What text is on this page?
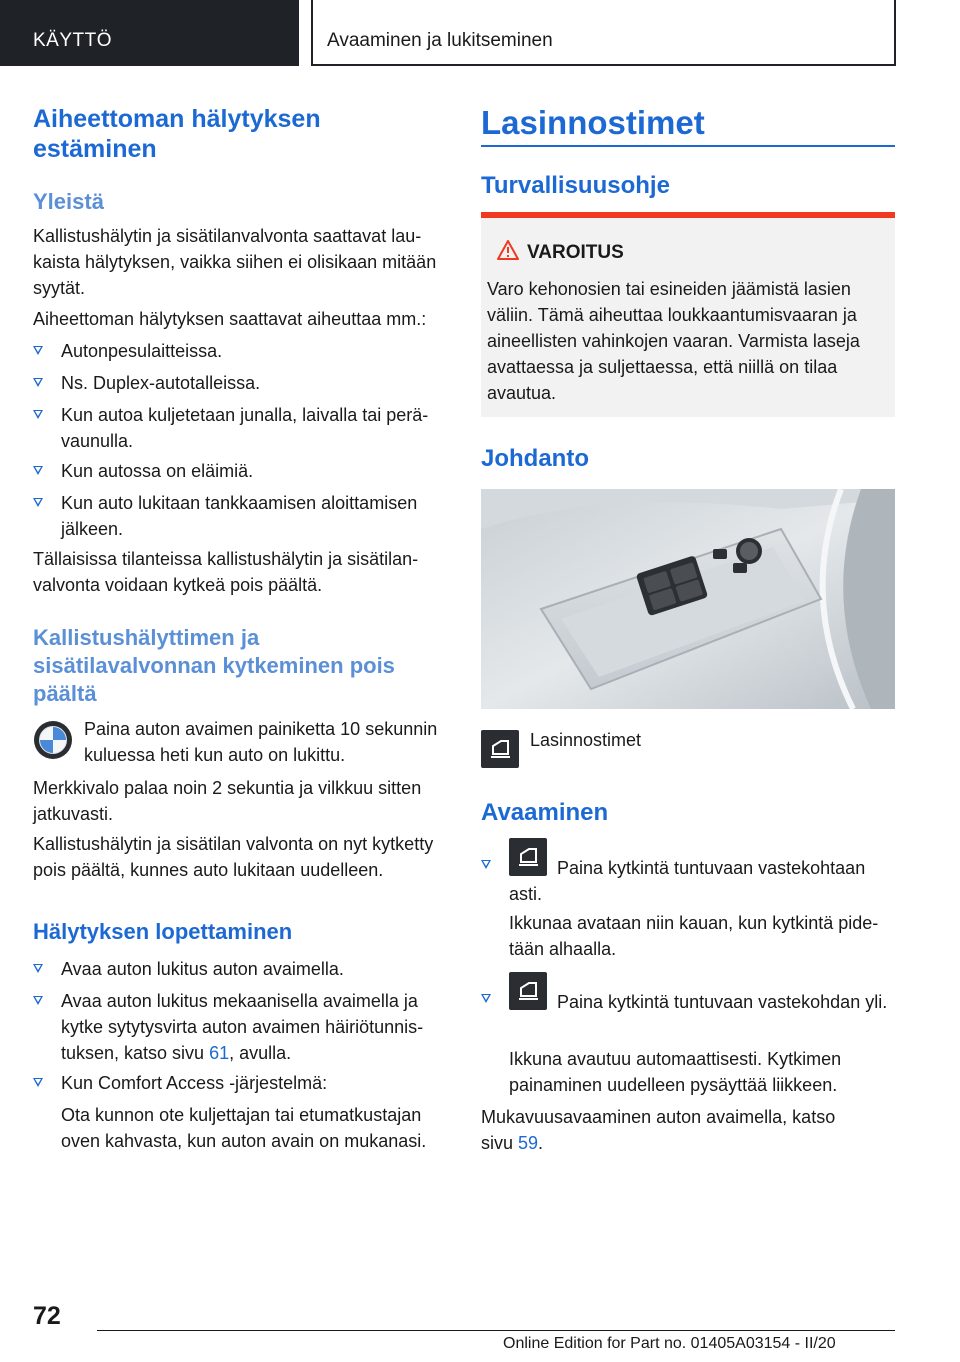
KÄYTTÖ	Avaaminen ja lukitseminen
Aiheettoman hälytyksen estäminen
Yleistä
Kallistushälytin ja sisätilanvalvonta saattavat laukaista hälytyksen, vaikka siihen ei olisikaan mitään syytät.
Aiheettoman hälytyksen saattavat aiheuttaa mm.:
Autonpesulaitteissa.
Ns. Duplex-autotalleissa.
Kun autoa kuljetetaan junalla, laivalla tai perävaunulla.
Kun autossa on eläimiä.
Kun auto lukitaan tankkaamisen aloittamisen jälkeen.
Tällaisissa tilanteissa kallistushälytin ja sisätilanvalvonta voidaan kytkeä pois päältä.
Kallistushälyttimen ja sisätilavalvonnan kytkeminen pois päältä
Paina auton avaimen painiketta 10 sekunnin kuluessa heti kun auto on lukittu.
Merkkivalo palaa noin 2 sekuntia ja vilkkuu sitten jatkuvasti.
Kallistushälytin ja sisätilan valvonta on nyt kytketty pois päältä, kunnes auto lukitaan uudelleen.
Hälytyksen lopettaminen
Avaa auton lukitus auton avaimella.
Avaa auton lukitus mekaanisella avaimella ja kytke sytytysvirta auton avaimen häiriötunnistuksen, katso sivu 61, avulla.
Kun Comfort Access -järjestelmä:
Ota kunnon ote kuljettajan tai etumatkustajan oven kahvasta, kun auton avain on mukanasi.
Lasinnostimet
Turvallisuusohje
VAROITUS
Varo kehonosien tai esineiden jäämistä lasien väliin. Tämä aiheuttaa loukkaantumisvaaran ja aineellisten vahinkojen vaaran. Varmista laseja avattaessa ja suljettaessa, että niillä on tilaa avautua.
Johdanto
Lasinnostimet
Avaaminen
Paina kytkintä tuntuvaan vastekohtaan asti.
Ikkunaa avataan niin kauan, kun kytkintä pidetään alhaalla.
Paina kytkintä tuntuvaan vastekohdan yli.
Ikkuna avautuu automaattisesti. Kytkimen painaminen uudelleen pysäyttää liikkeen.
Mukavuusavaaminen auton avaimella, katso sivu 59.
72
Online Edition for Part no. 01405A03154 - II/20
